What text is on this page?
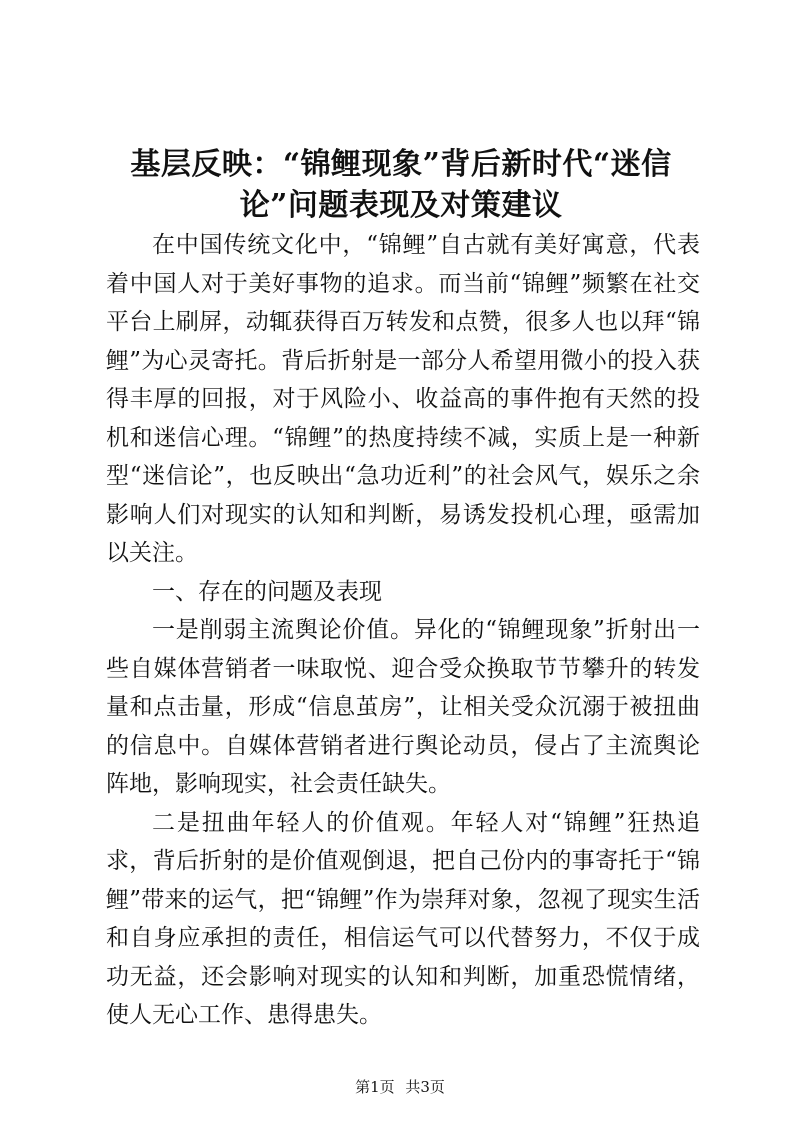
基层反映：“锦鲤现象”背后新时代“迷信
论”问题表现及对策建议

在中国传统文化中，“锦鲤”自古就有美好寓意，代表着中国人对于美好事物的追求。而当前“锦鲤”频繁在社交平台上刷屏，动辄获得百万转发和点赞，很多人也以拜“锦鲤”为心灵寄托。背后折射是一部分人希望用微小的投入获得丰厚的回报，对于风险小、收益高的事件抱有天然的投机和迷信心理。“锦鲤”的热度持续不减，实质上是一种新型“迷信论”，也反映出“急功近利”的社会风气，娱乐之余影响人们对现实的认知和判断，易诱发投机心理，亟需加以关注。

一、存在的问题及表现

一是削弱主流舆论价值。异化的“锦鲤现象”折射出一些自媒体营销者一味取悦、迎合受众换取节节攀升的转发量和点击量，形成“信息茧房”，让相关受众沉溺于被扭曲的信息中。自媒体营销者进行舆论动员，侵占了主流舆论阵地，影响现实，社会责任缺失。

二是扭曲年轻人的价值观。年轻人对“锦鲤”狂热追求，背后折射的是价值观倒退，把自己份内的事寄托于“锦鲤”带来的运气，把“锦鲤”作为崇拜对象，忽视了现实生活和自身应承担的责任，相信运气可以代替努力，不仅于成功无益，还会影响对现实的认知和判断，加重恐慌情绪，使人无心工作、患得患失。

第1页 共3页
